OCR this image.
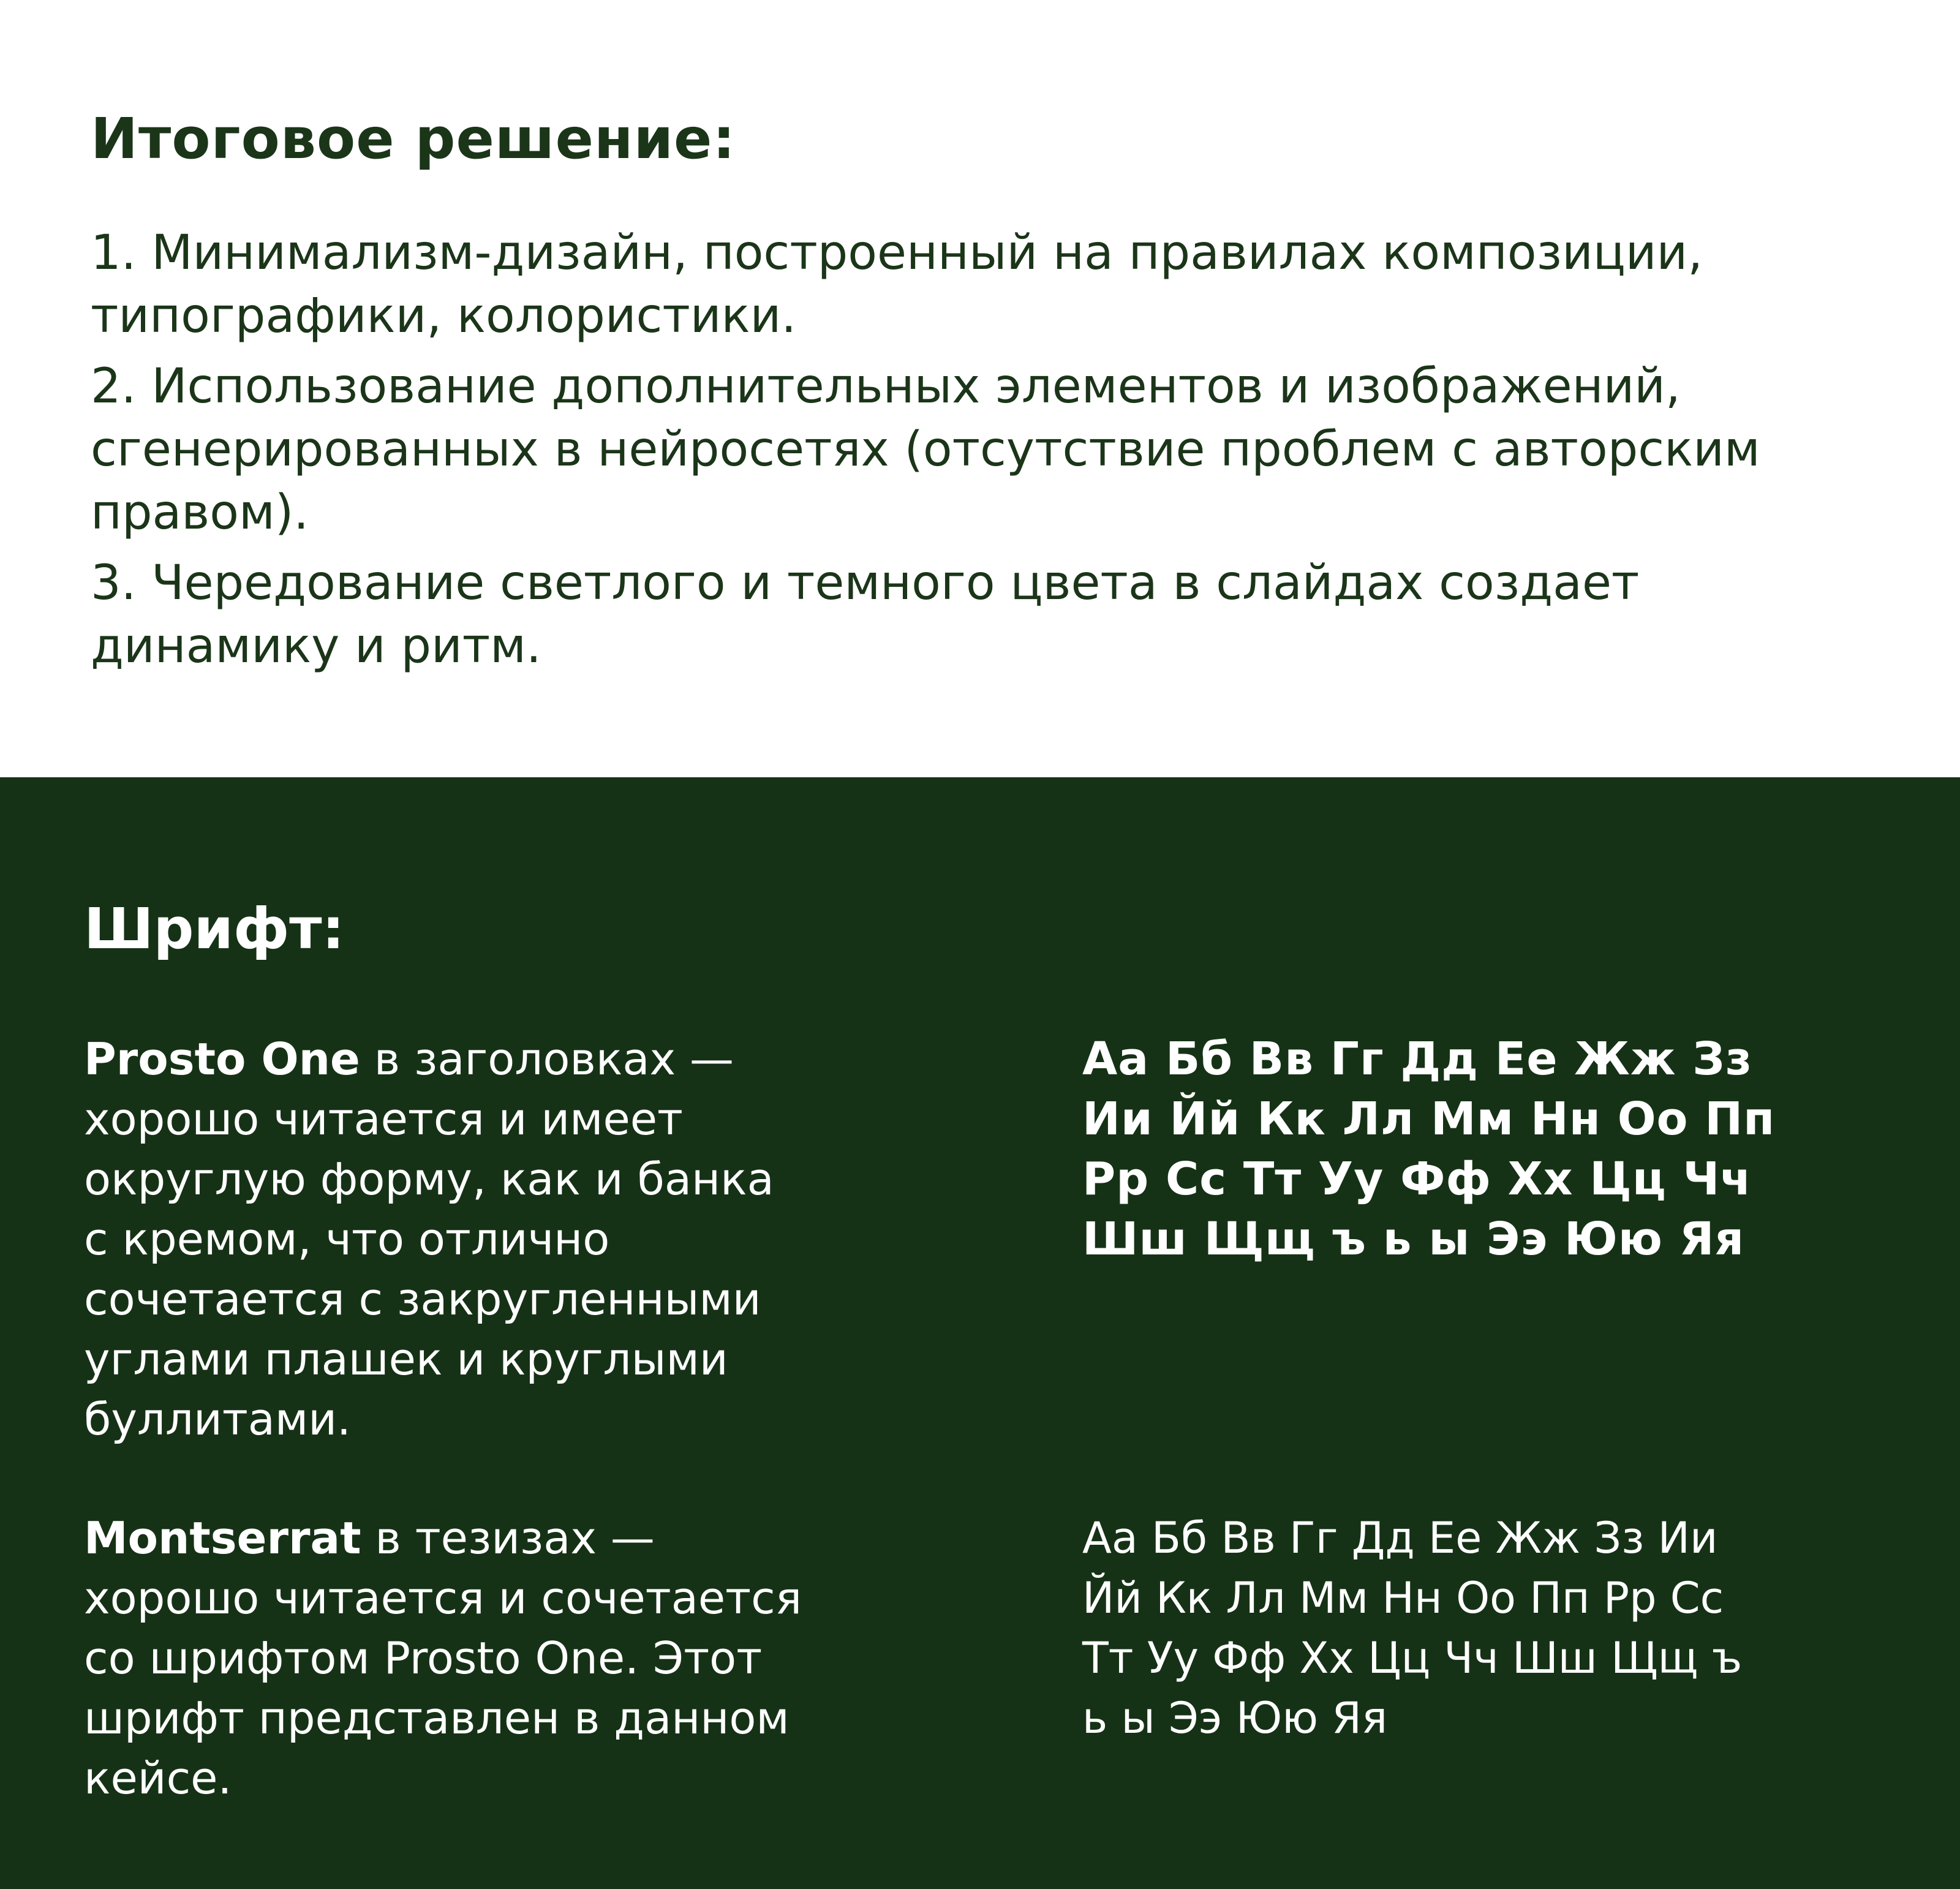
Итоговое решение:
1. Минимализм-дизайн, построенный на правилах композиции,
типографики, колористики.
2. Использование дополнительных элементов и изображений,
сгенерированных в нейросетях (отсутствие проблем с авторским
правом).
3. Чередование светлого и темного цвета в слайдах создает
динамику и ритм.
Шрифт:
Prosto One в заголовках —
хорошо читается и имеет
округлую форму, как и банка
с кремом, что отлично
сочетается с закругленными
углами плашек и круглыми
буллитами.
Аа Бб Вв Гг Дд Ее Жж Зз
Ии Йй Кк Лл Мм Нн Оо Пп
Рр Сс Тт Уу Фф Хх Цц Чч
Шш Щщ ъ ь ы Ээ Юю Яя
Montserrat в тезизах —
хорошо читается и сочетается
со шрифтом Prosto One. Этот
шрифт представлен в данном
кейсе.
Аа Бб Вв Гг Дд Ее Жж Зз Ии
Йй Кк Лл Мм Нн Оо Пп Рр Сс
Тт Уу Фф Хх Цц Чч Шш Щщ ъ
ь ы Ээ Юю Яя
